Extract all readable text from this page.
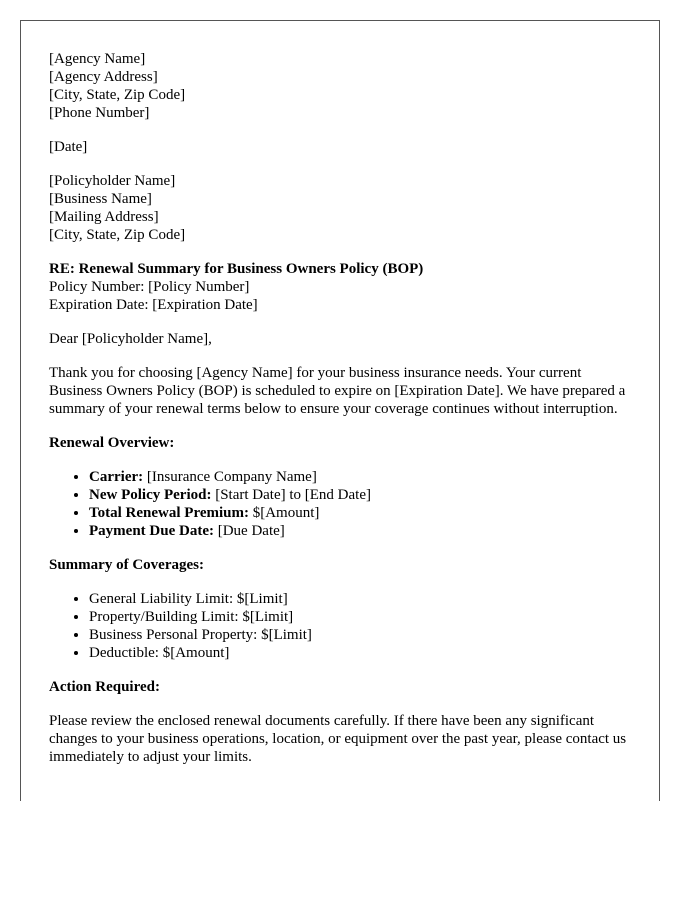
[Agency Name]
[Agency Address]
[City, State, Zip Code]
[Phone Number]
[Date]
[Policyholder Name]
[Business Name]
[Mailing Address]
[City, State, Zip Code]
RE: Renewal Summary for Business Owners Policy (BOP)
Policy Number: [Policy Number]
Expiration Date: [Expiration Date]

Dear [Policyholder Name],

Thank you for choosing [Agency Name] for your business insurance needs. Your current Business Owners Policy (BOP) is scheduled to expire on [Expiration Date]. We have prepared a summary of your renewal terms below to ensure your coverage continues without interruption.

Renewal Overview:
• Carrier: [Insurance Company Name]
• New Policy Period: [Start Date] to [End Date]
• Total Renewal Premium: $[Amount]
• Payment Due Date: [Due Date]
Summary of Coverages:
• General Liability Limit: $[Limit]
• Property/Building Limit: $[Limit]
• Business Personal Property: $[Limit]
• Deductible: $[Amount]
Action Required:

Please review the enclosed renewal documents carefully. If there have been any significant changes to your business operations, location, or equipment over the past year, please contact us immediately to adjust your limits.
